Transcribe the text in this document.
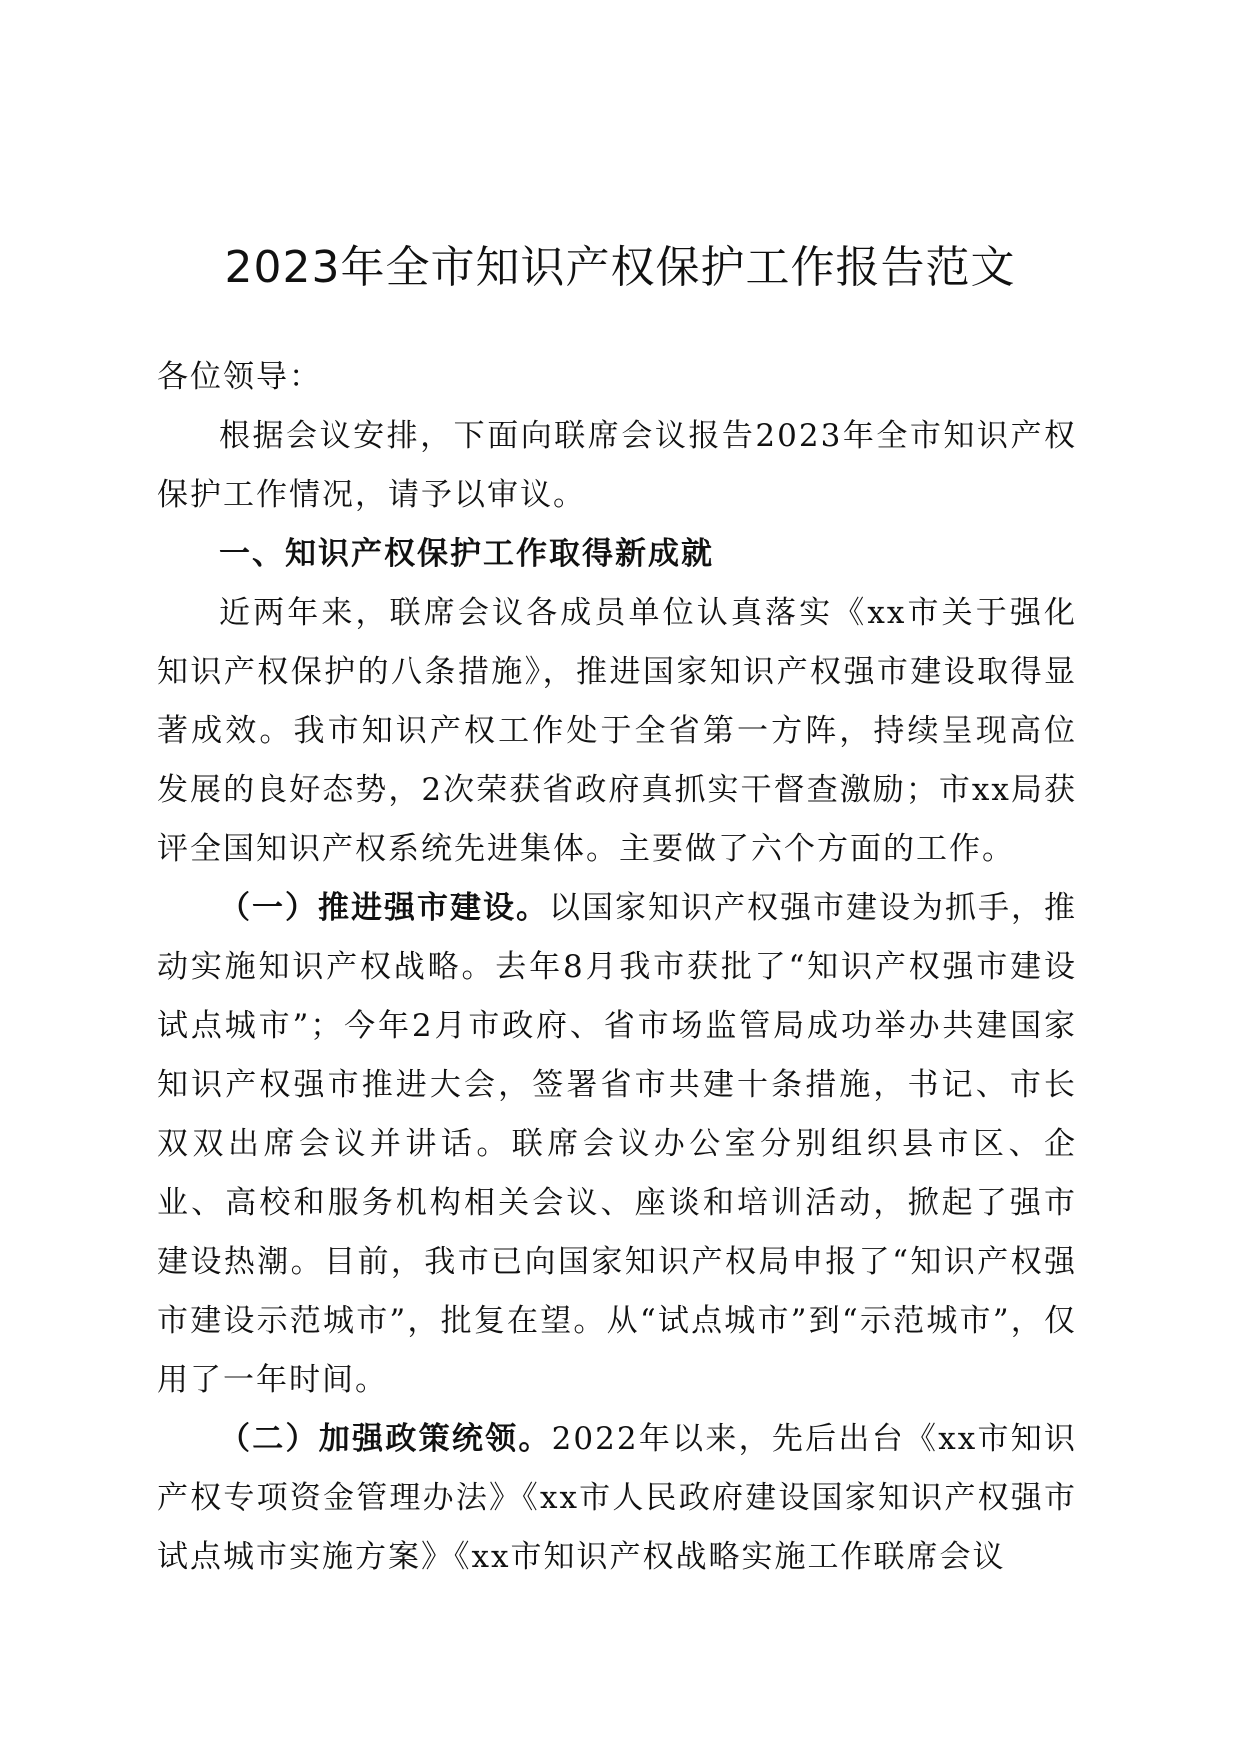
2023年全市知识产权保护工作报告范文

各位领导：

根据会议安排，下面向联席会议报告2023年全市知识产权保护工作情况，请予以审议。

一、知识产权保护工作取得新成就

近两年来，联席会议各成员单位认真落实《xx市关于强化知识产权保护的八条措施》，推进国家知识产权强市建设取得显著成效。我市知识产权工作处于全省第一方阵，持续呈现高位发展的良好态势，2次荣获省政府真抓实干督查激励；市xx局获评全国知识产权系统先进集体。主要做了六个方面的工作。

（一）推进强市建设。以国家知识产权强市建设为抓手，推动实施知识产权战略。去年8月我市获批了“知识产权强市建设试点城市”；今年2月市政府、省市场监管局成功举办共建国家知识产权强市推进大会，签署省市共建十条措施，书记、市长双双出席会议并讲话。联席会议办公室分别组织县市区、企业、高校和服务机构相关会议、座谈和培训活动，掀起了强市建设热潮。目前，我市已向国家知识产权局申报了“知识产权强市建设示范城市”，批复在望。从“试点城市”到“示范城市”，仅用了一年时间。

（二）加强政策统领。2022年以来，先后出台《xx市知识产权专项资金管理办法》《xx市人民政府建设国家知识产权强市试点城市实施方案》《xx市知识产权战略实施工作联席会议
